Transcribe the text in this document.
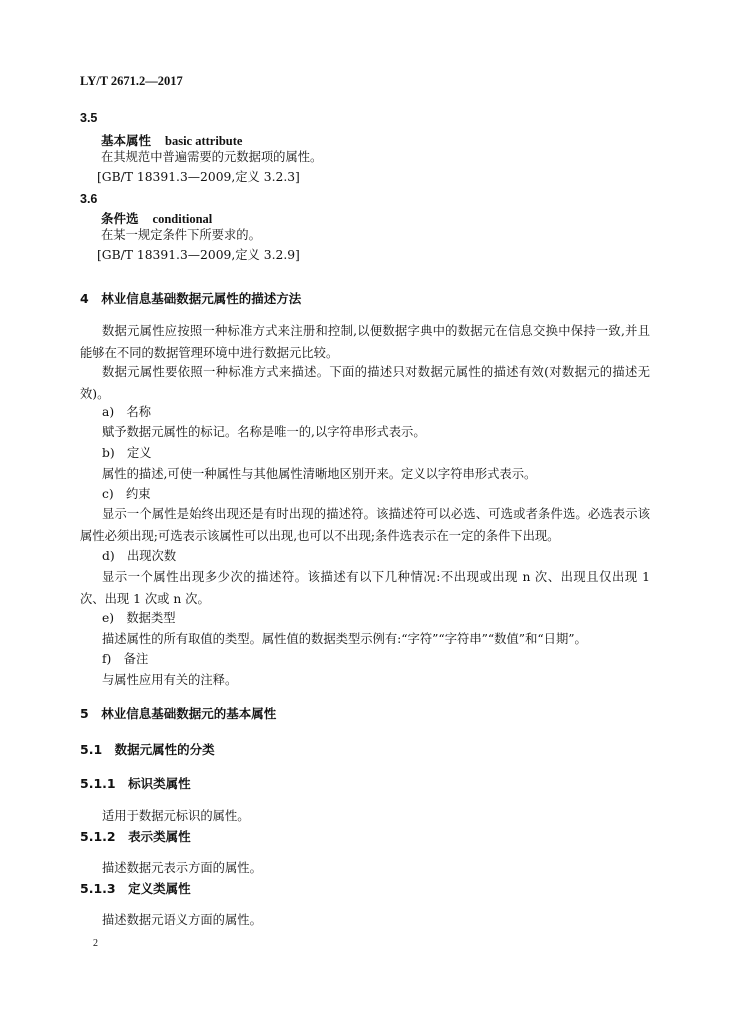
LY/T 2671.2—2017
3.5
基本属性 basic attribute
在其规范中普遍需要的元数据项的属性。
[GB/T 18391.3—2009,定义 3.2.3]
3.6
条件选 conditional
在某一规定条件下所要求的。
[GB/T 18391.3—2009,定义 3.2.9]
4　林业信息基础数据元属性的描述方法
数据元属性应按照一种标准方式来注册和控制,以便数据字典中的数据元在信息交换中保持一致,并且能够在不同的数据管理环境中进行数据元比较。
数据元属性要依照一种标准方式来描述。下面的描述只对数据元属性的描述有效(对数据元的描述无效)。
a)　名称
赋予数据元属性的标记。名称是唯一的,以字符串形式表示。
b)　定义
属性的描述,可使一种属性与其他属性清晰地区别开来。定义以字符串形式表示。
c)　约束
显示一个属性是始终出现还是有时出现的描述符。该描述符可以必选、可选或者条件选。必选表示该属性必须出现;可选表示该属性可以出现,也可以不出现;条件选表示在一定的条件下出现。
d)　出现次数
显示一个属性出现多少次的描述符。该描述有以下几种情况:不出现或出现 n 次、出现且仅出现 1 次、出现 1 次或 n 次。
e)　数据类型
描述属性的所有取值的类型。属性值的数据类型示例有:“字符”“字符串”“数值”和“日期”。
f)　备注
与属性应用有关的注释。
5　林业信息基础数据元的基本属性
5.1　数据元属性的分类
5.1.1　标识类属性
适用于数据元标识的属性。
5.1.2　表示类属性
描述数据元表示方面的属性。
5.1.3　定义类属性
描述数据元语义方面的属性。
2
